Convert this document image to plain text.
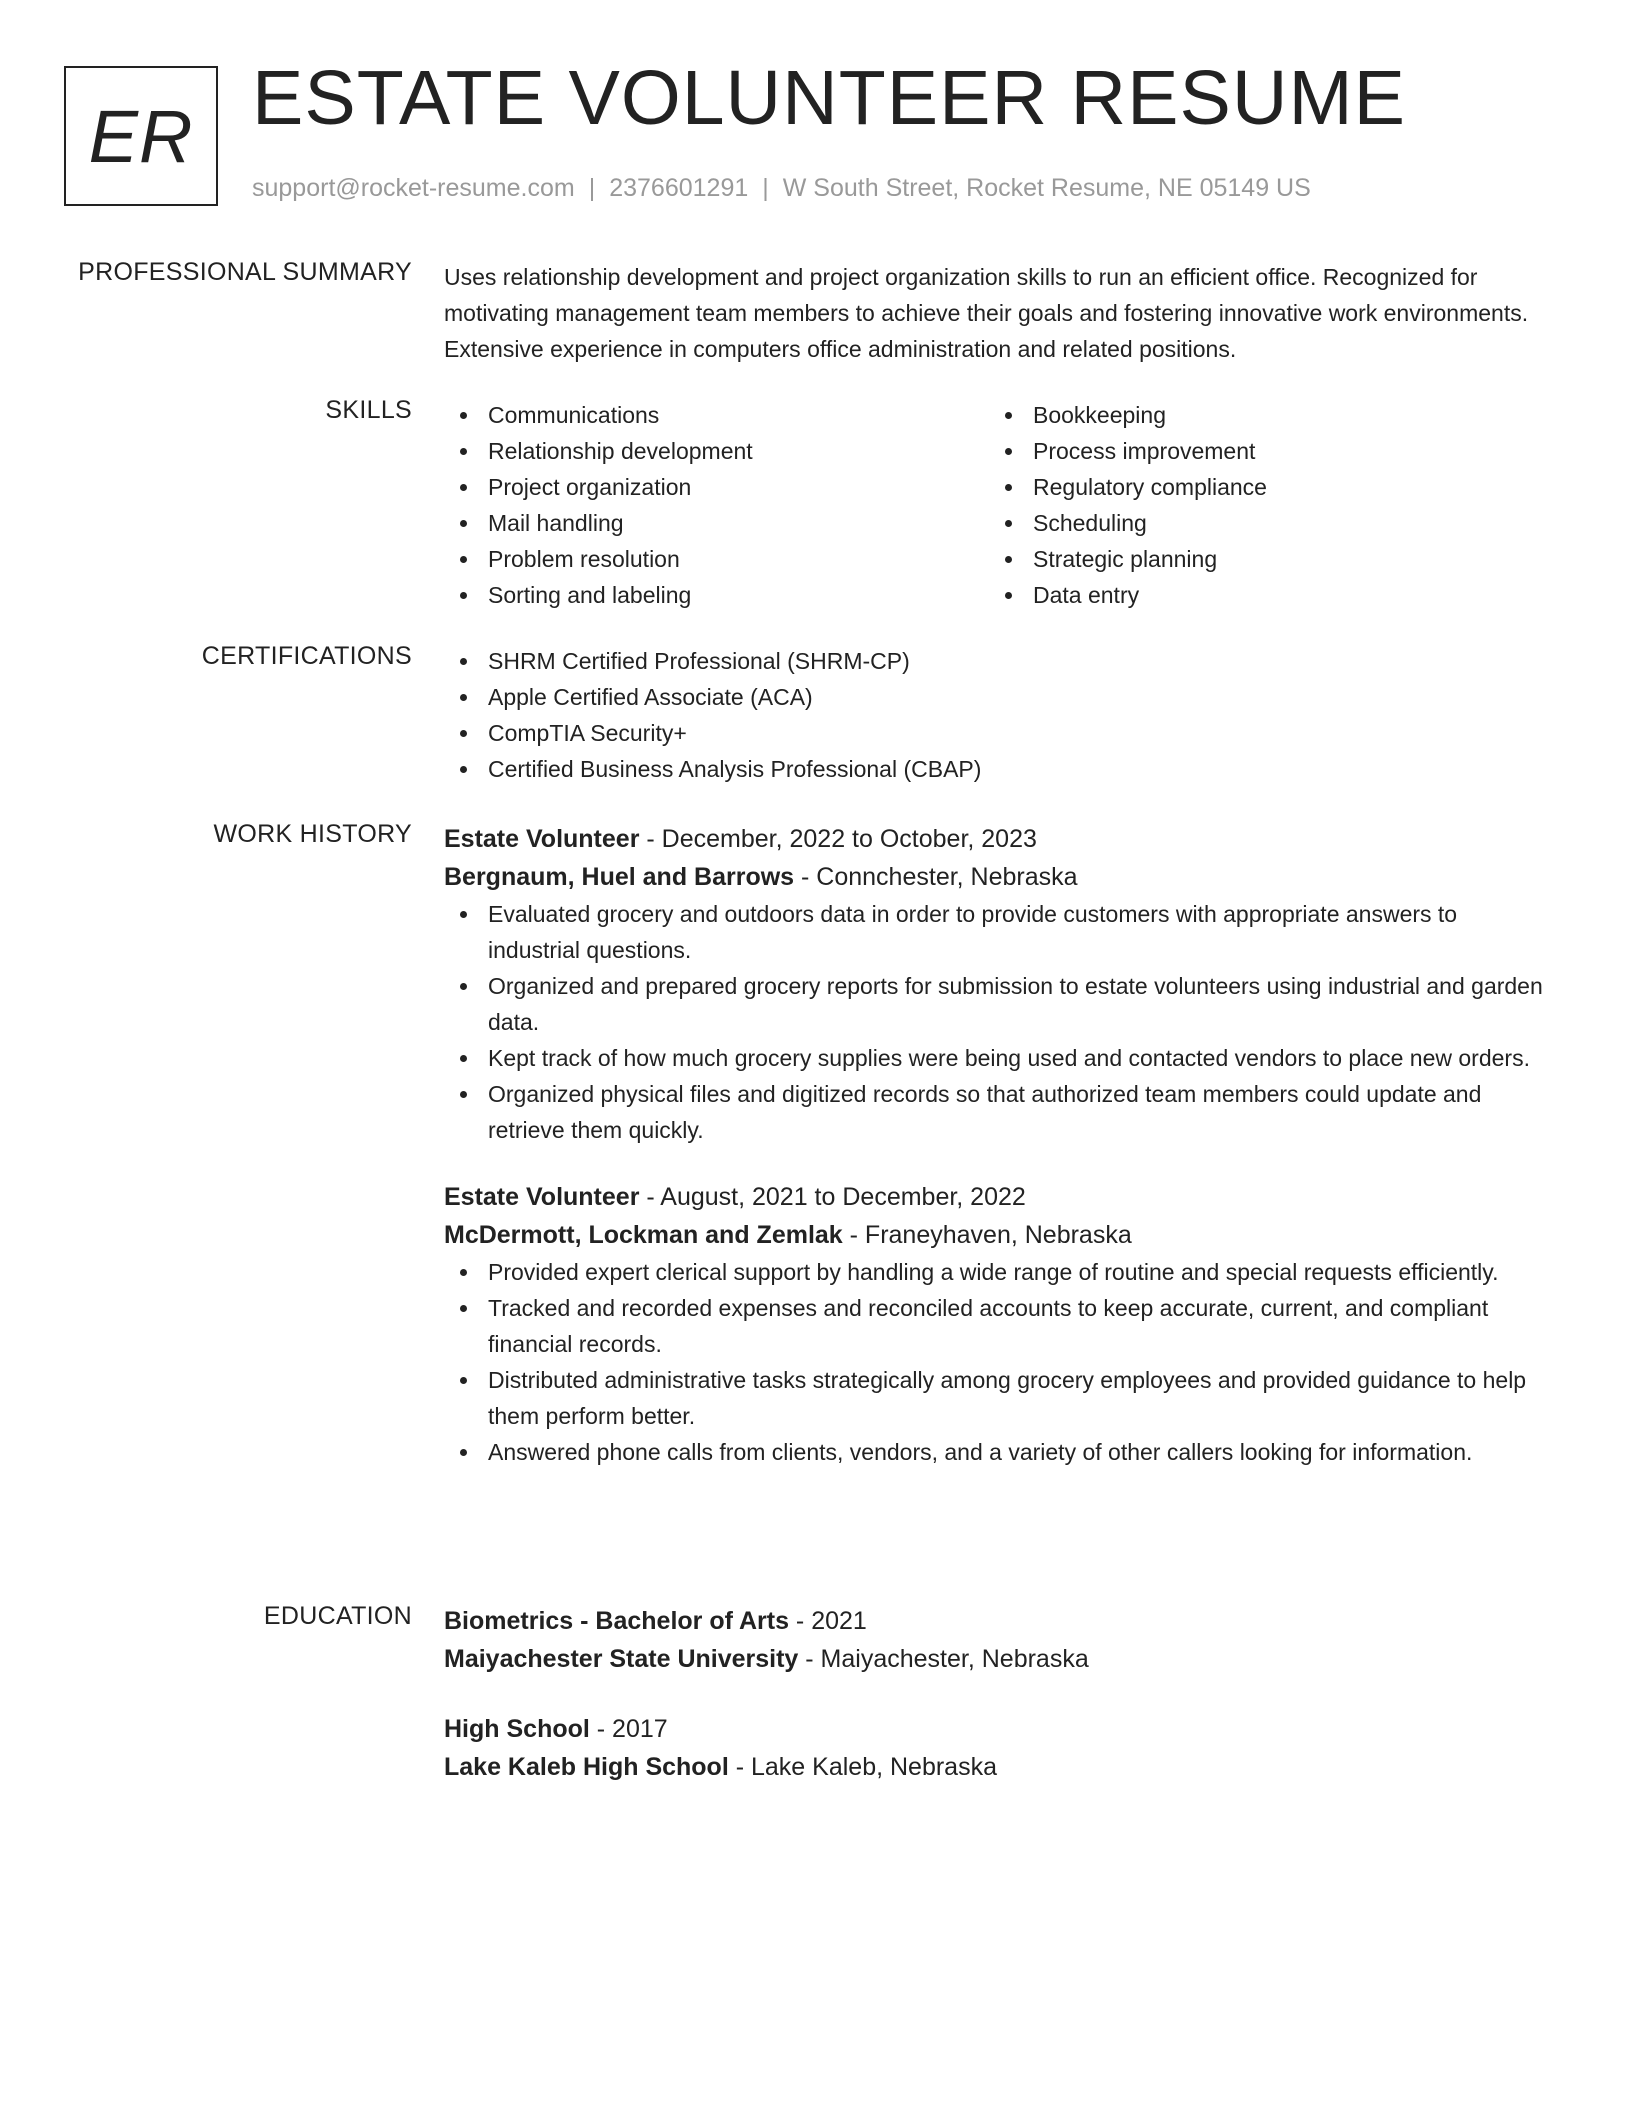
ER ESTATE VOLUNTEER RESUME
support@rocket-resume.com | 2376601291 | W South Street, Rocket Resume, NE 05149 US
PROFESSIONAL SUMMARY Uses relationship development and project organization skills to run an efficient office. Recognized for motivating management team members to achieve their goals and fostering innovative work environments. Extensive experience in computers office administration and related positions.

SKILLS	Communications
Relationship development
Project organization
Mail handling
Problem resolution
Sorting and labeling
Bookkeeping
Process improvement
Regulatory compliance
Scheduling
Strategic planning
Data entry
CERTIFICATIONS	SHRM Certified Professional (SHRM-CP)
Apple Certified Associate (ACA)
CompTIA Security+
Certified Business Analysis Professional (CBAP)
WORK HISTORY Estate Volunteer - December, 2022 to October, 2023
Bergnaum, Huel and Barrows - Connchester, Nebraska
Evaluated grocery and outdoors data in order to provide customers with appropriate answers to industrial questions.
Organized and prepared grocery reports for submission to estate volunteers using industrial and garden data.
Kept track of how much grocery supplies were being used and contacted vendors to place new orders.
Organized physical files and digitized records so that authorized team members could update and retrieve them quickly.
Estate Volunteer - August, 2021 to December, 2022
McDermott, Lockman and Zemlak - Franeyhaven, Nebraska
Provided expert clerical support by handling a wide range of routine and special requests efficiently.
Tracked and recorded expenses and reconciled accounts to keep accurate, current, and compliant financial records.
Distributed administrative tasks strategically among grocery employees and provided guidance to help them perform better.
Answered phone calls from clients, vendors, and a variety of other callers looking for information.
EDUCATION Biometrics - Bachelor of Arts - 2021
Maiyachester State University - Maiyachester, Nebraska
High School - 2017
Lake Kaleb High School - Lake Kaleb, Nebraska
